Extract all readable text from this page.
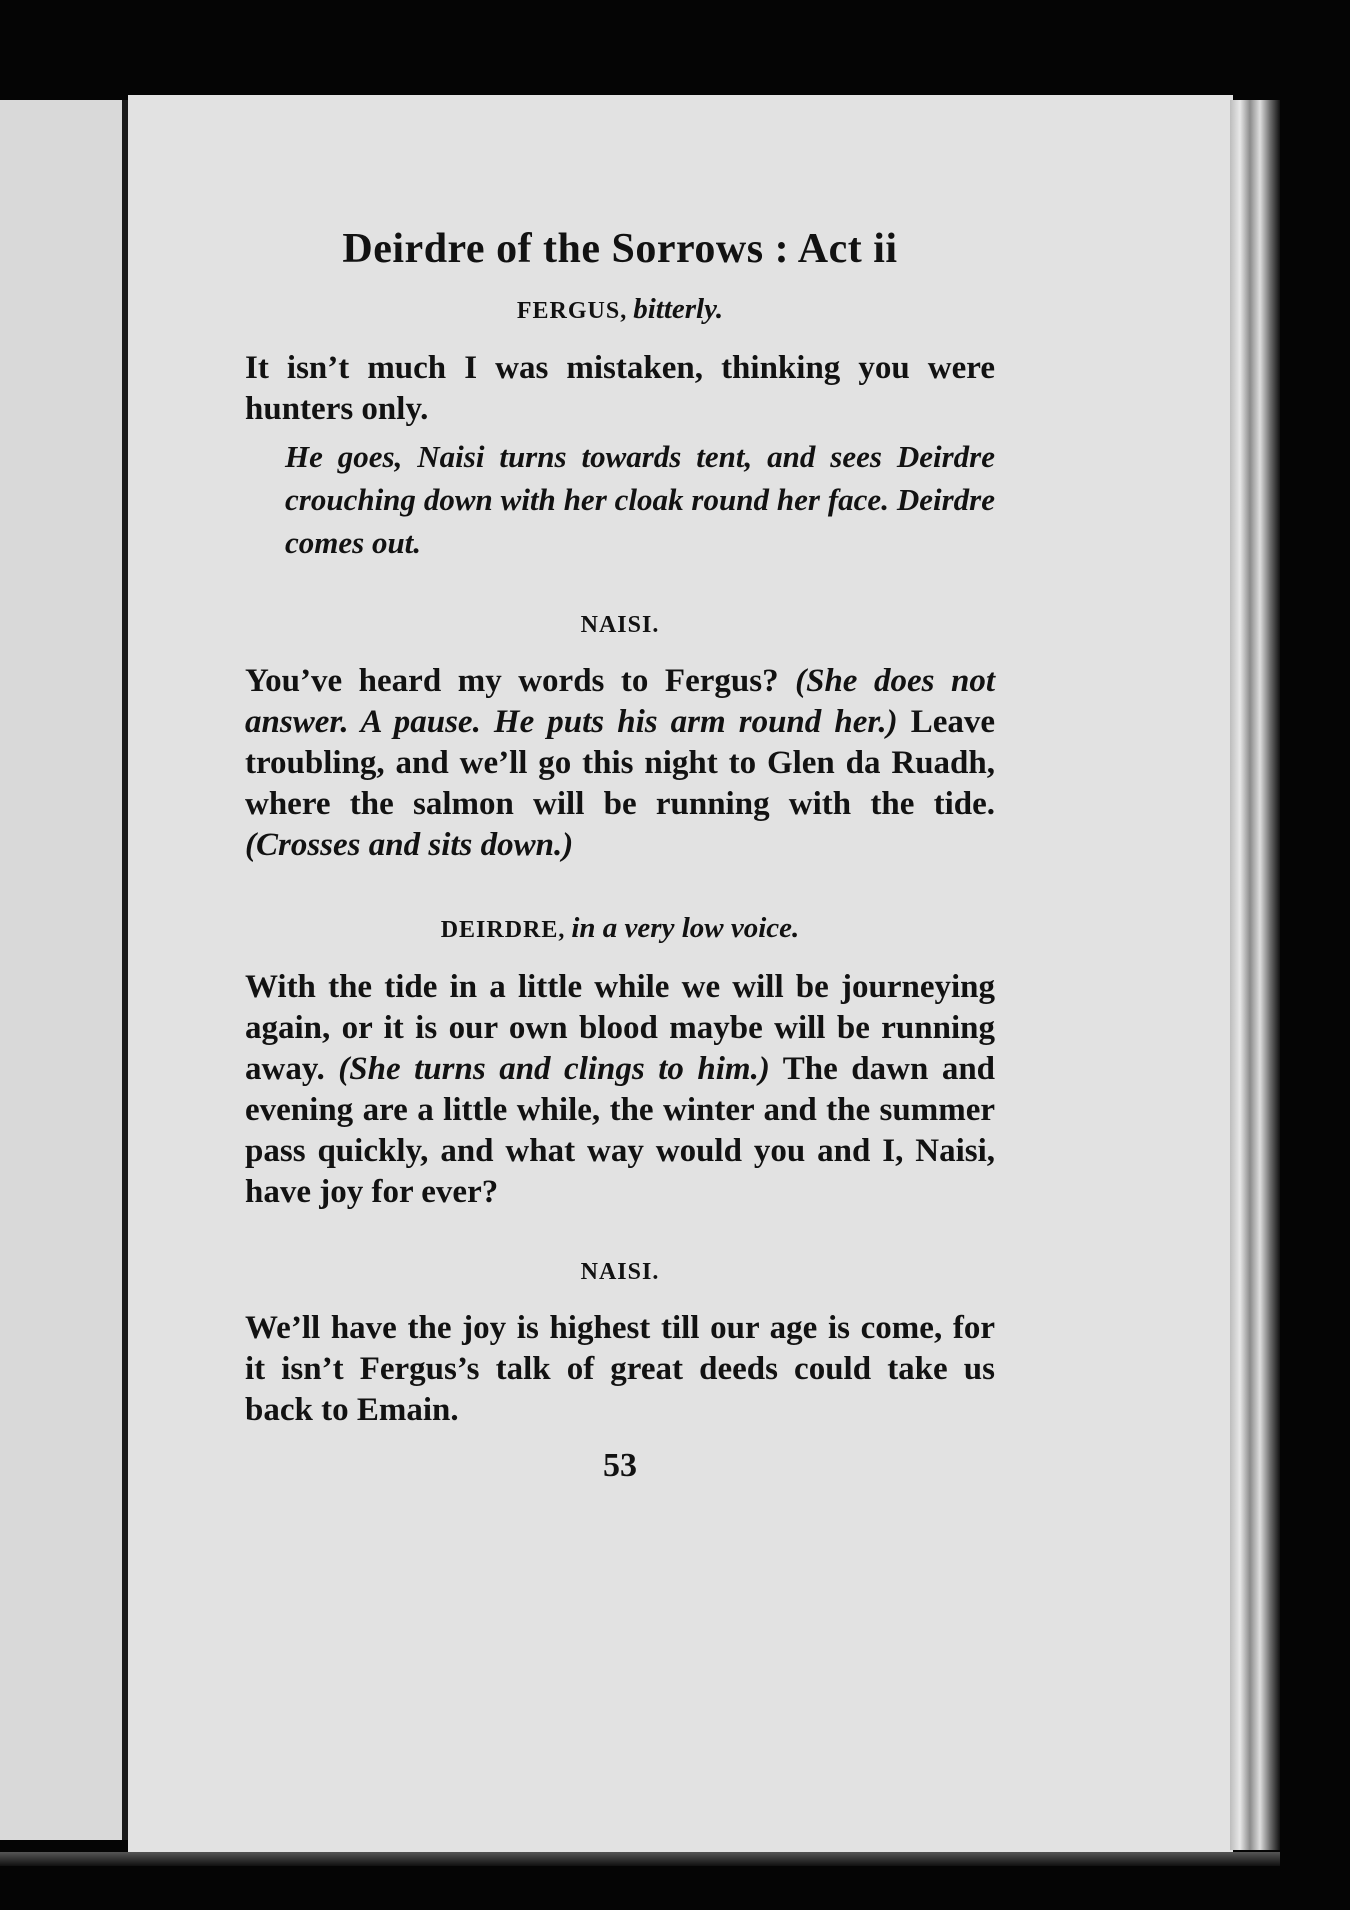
Deirdre of the Sorrows : Act ii
FERGUS, bitterly.

It isn’t much I was mistaken, thinking you were hunters only.

He goes, Naisi turns towards tent, and sees Deirdre crouching down with her cloak round her face. Deirdre comes out.

NAISI.

You’ve heard my words to Fergus? (She does not answer. A pause. He puts his arm round her.) Leave troubling, and we’ll go this night to Glen da Ruadh, where the salmon will be running with the tide. (Crosses and sits down.)

DEIRDRE, in a very low voice.

With the tide in a little while we will be journeying again, or it is our own blood maybe will be running away. (She turns and clings to him.) The dawn and evening are a little while, the winter and the summer pass quickly, and what way would you and I, Naisi, have joy for ever?

NAISI.

We’ll have the joy is highest till our age is come, for it isn’t Fergus’s talk of great deeds could take us back to Emain.

53
